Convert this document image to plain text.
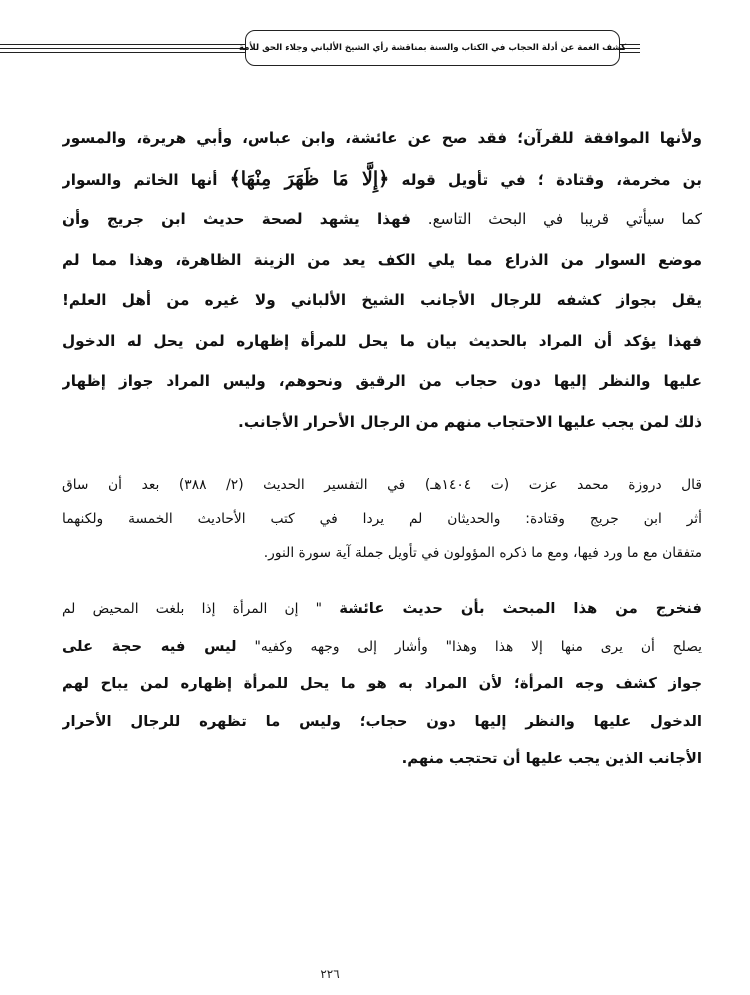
كشف الغمة عن أدلة الحجاب في الكتاب والسنة بمناقشة رأي الشيخ الألباني وجلاء الحق للأمة
ولأنها الموافقة للقرآن؛ فقد صح عن عائشة، وابن عباس، وأبي هريرة، والمسور
بن مخرمة، وقتادة ؛ في تأويل قوله ﴿إِلَّا مَا ظَهَرَ مِنْهَا﴾ أنها الخاتم والسوار
كما سيأتي قريبا في البحث التاسع. فهذا يشهد لصحة حديث ابن جريج وأن
موضع السوار من الذراع مما يلي الكف يعد من الزينة الظاهرة، وهذا مما لم
يقل بجواز كشفه للرجال الأجانب الشيخ الألباني ولا غيره من أهل العلم!
فهذا يؤكد أن المراد بالحديث بيان ما يحل للمرأة إظهاره لمن يحل له الدخول
عليها والنظر إليها دون حجاب من الرقيق ونحوهم، وليس المراد جواز إظهار
ذلك لمن يجب عليها الاحتجاب منهم من الرجال الأحرار الأجانب.
قال دروزة محمد عزت (ت ١٤٠٤هـ) في التفسير الحديث (٢/ ٣٨٨) بعد أن ساق
أثر ابن جريج وقتادة: والحديثان لم يردا في كتب الأحاديث الخمسة ولكنهما
متفقان مع ما ورد فيها، ومع ما ذكره المؤولون في تأويل جملة آية سورة النور.
فنخرج من هذا المبحث بأن حديث عائشة " إن المرأة إذا بلغت المحيض لم
يصلح أن يرى منها إلا هذا وهذا" وأشار إلى وجهه وكفيه" ليس فيه حجة على
جواز كشف وجه المرأة؛ لأن المراد به هو ما يحل للمرأة إظهاره لمن يباح لهم
الدخول عليها والنظر إليها دون حجاب؛ وليس ما تظهره للرجال الأحرار
الأجانب الذين يجب عليها أن تحتجب منهم.
٢٢٦
